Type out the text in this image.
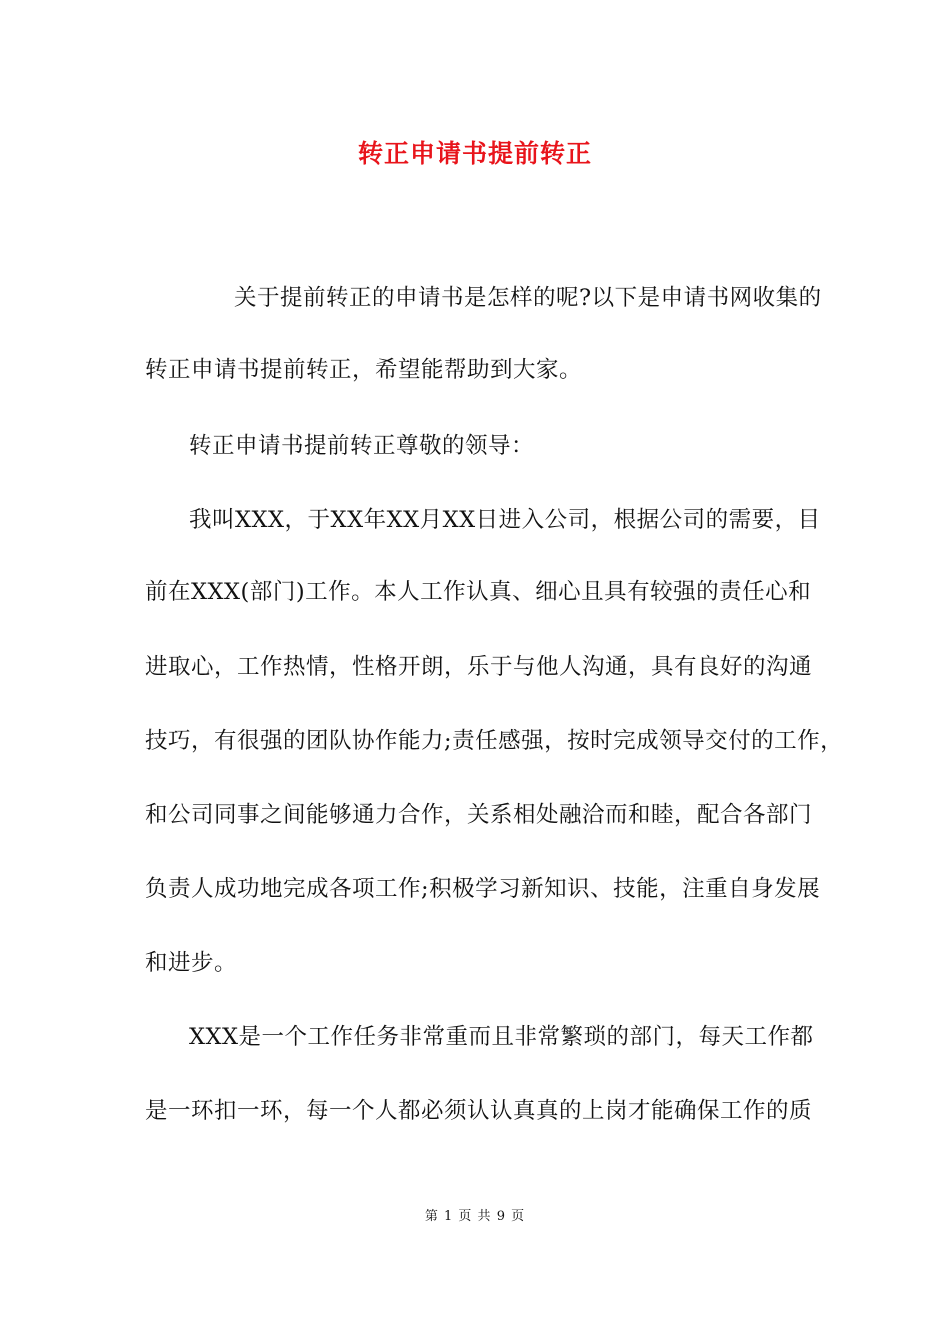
转正申请书提前转正
关于提前转正的申请书是怎样的呢?以下是申请书网收集的
转正申请书提前转正，希望能帮助到大家。
转正申请书提前转正尊敬的领导：
我叫XXX，于XX年XX月XX日进入公司，根据公司的需要，目
前在XXX(部门)工作。本人工作认真、细心且具有较强的责任心和
进取心，工作热情，性格开朗，乐于与他人沟通，具有良好的沟通
技巧，有很强的团队协作能力;责任感强，按时完成领导交付的工作，
和公司同事之间能够通力合作，关系相处融洽而和睦，配合各部门
负责人成功地完成各项工作;积极学习新知识、技能，注重自身发展
和进步。
XXX是一个工作任务非常重而且非常繁琐的部门，每天工作都
是一环扣一环，每一个人都必须认认真真的上岗才能确保工作的质
第 1 页 共 9 页
